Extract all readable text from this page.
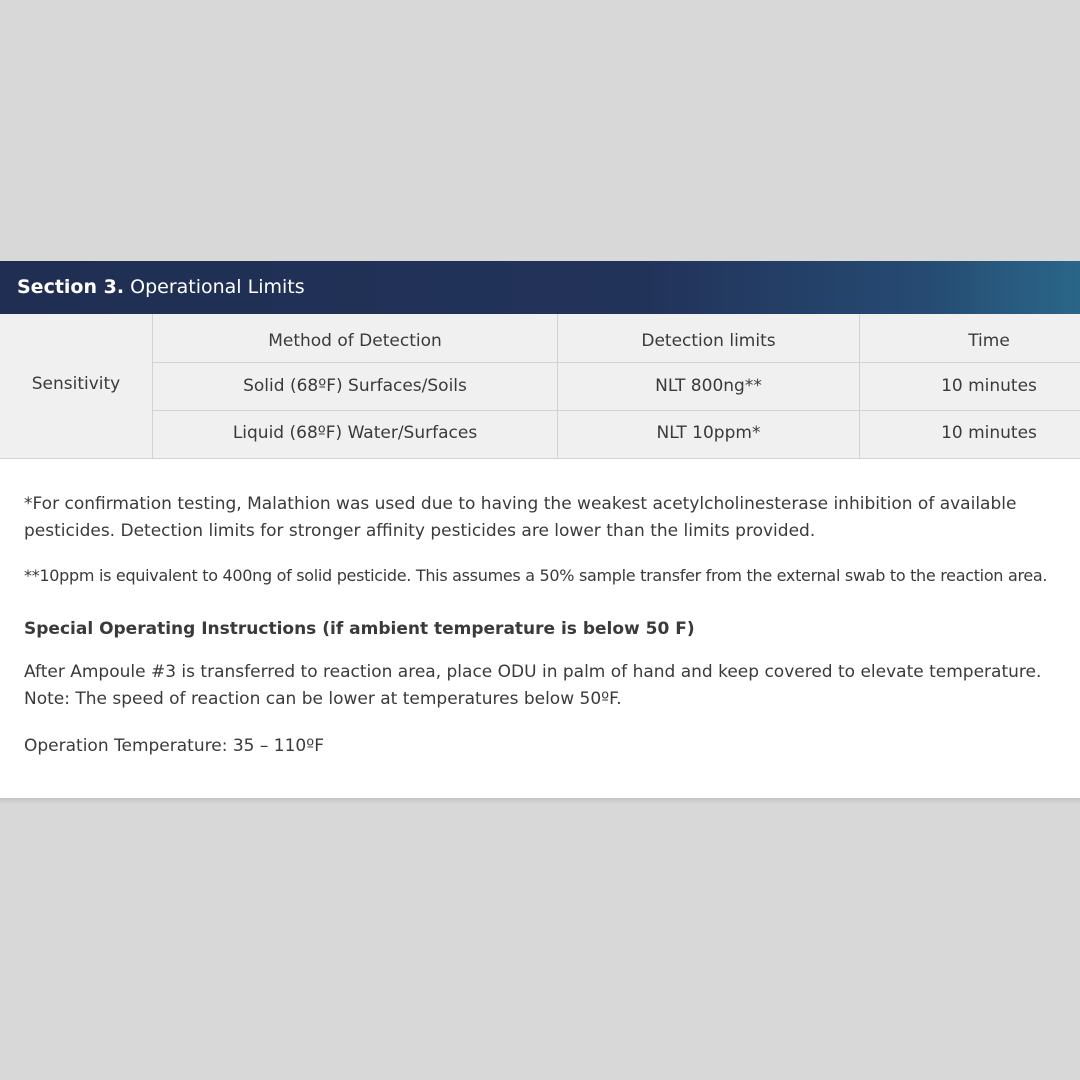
Section 3. Operational Limits
Sensitivity
Method of Detection	Detection limits	Time
Solid (68ºF) Surfaces/Soils	NLT 800ng**	10 minutes
Liquid (68ºF) Water/Surfaces	NLT 10ppm*	10 minutes
*For confirmation testing, Malathion was used due to having the weakest acetylcholinesterase inhibition of available
pesticides. Detection limits for stronger affinity pesticides are lower than the limits provided.
**10ppm is equivalent to 400ng of solid pesticide. This assumes a 50% sample transfer from the external swab to the reaction area.
Special Operating Instructions (if ambient temperature is below 50 F)
After Ampoule #3 is transferred to reaction area, place ODU in palm of hand and keep covered to elevate temperature.
Note: The speed of reaction can be lower at temperatures below 50ºF.
Operation Temperature: 35 – 110ºF
